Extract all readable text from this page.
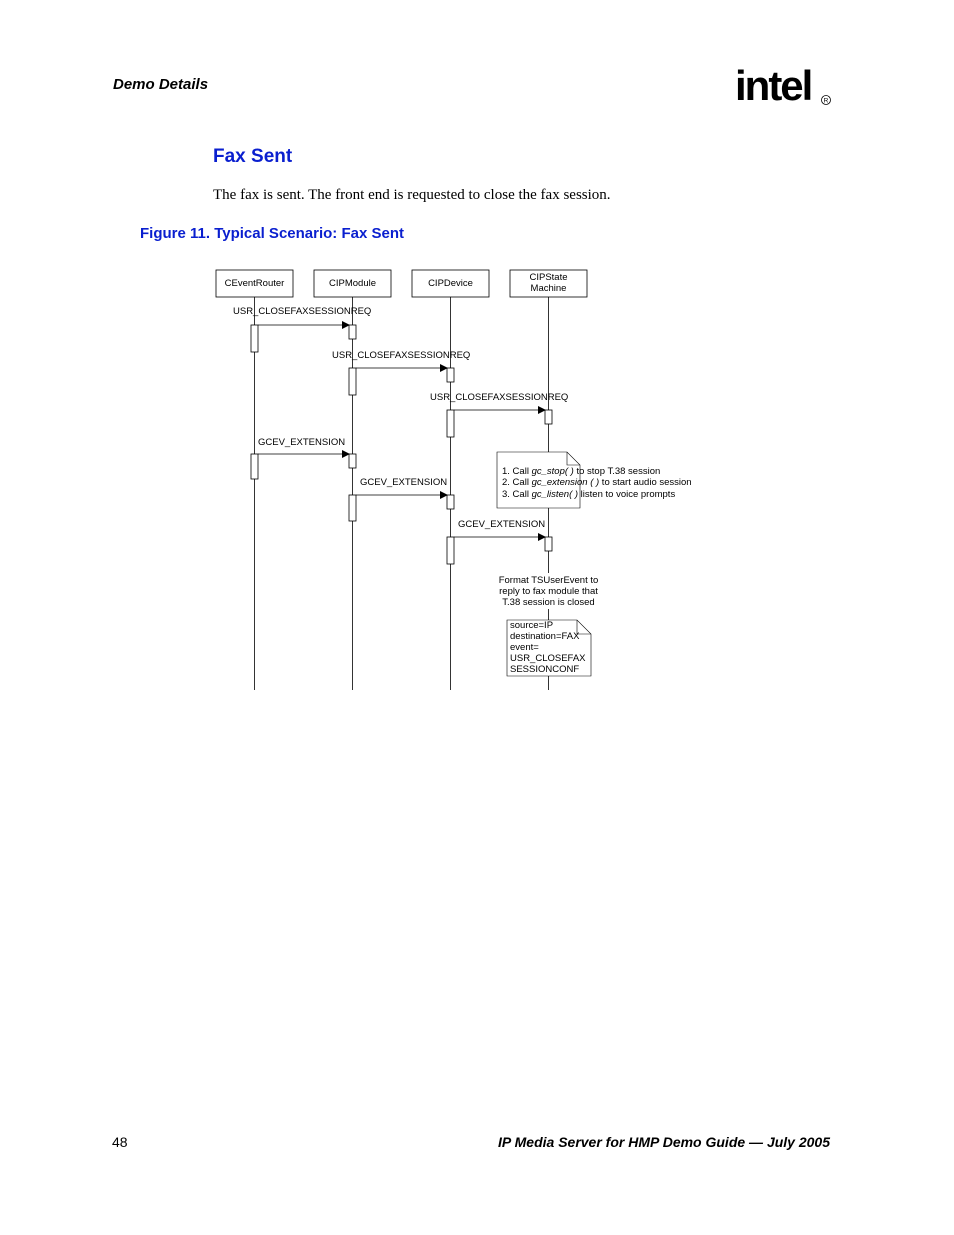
Demo Details	intel R
Fax Sent
The fax is sent. The front end is requested to close the fax session.
Figure 11. Typical Scenario: Fax Sent
CEventRouter	CIPModule	CIPDevice
CIPState
Machine
USR_CLOSEFAXSESSIONREQ
USR_CLOSEFAXSESSIONREQ
USR_CLOSEFAXSESSIONREQ
GCEV_EXTENSION
GCEV_EXTENSION
GCEV_EXTENSION
1. Call gc_stop( ) to stop T.38 session
2. Call gc_extension ( ) to start audio session
3. Call gc_listen( ) listen to voice prompts
Format TSUserEvent to
reply to fax module that
T.38 session is closed
source=IP
destination=FAX
event=
USR_CLOSEFAX
SESSIONCONF
48	IP Media Server for HMP Demo Guide — July 2005
